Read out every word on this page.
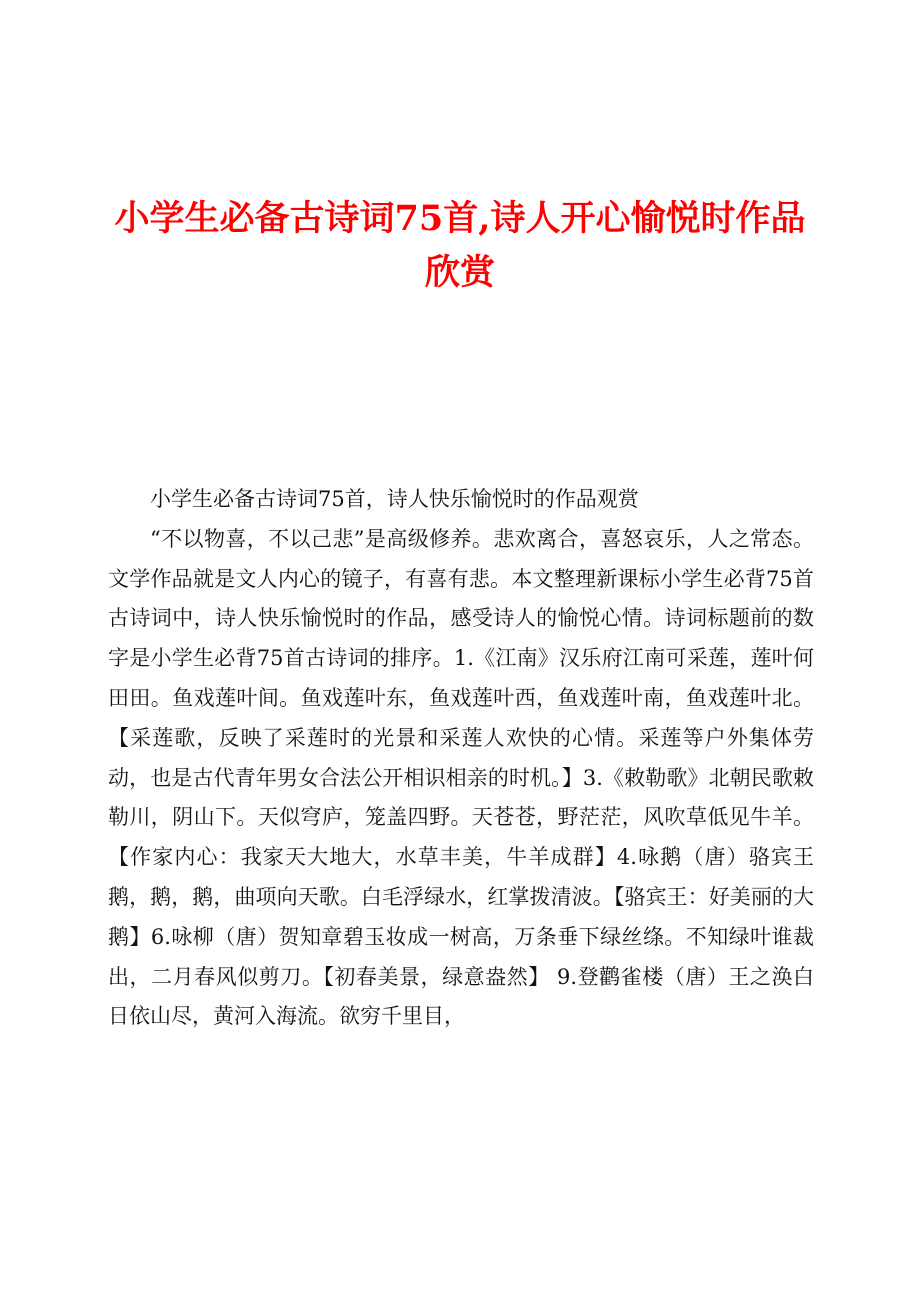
小学生必备古诗词75首,诗人开心愉悦时作品欣赏

小学生必备古诗词75首，诗人快乐愉悦时的作品观赏

“不以物喜，不以己悲”是高级修养。悲欢离合，喜怒哀乐，人之常态。文学作品就是文人内心的镜子，有喜有悲。本文整理新课标小学生必背75首古诗词中，诗人快乐愉悦时的作品，感受诗人的愉悦心情。诗词标题前的数字是小学生必背75首古诗词的排序。1.《江南》汉乐府江南可采莲，莲叶何田田。鱼戏莲叶间。鱼戏莲叶东，鱼戏莲叶西，鱼戏莲叶南，鱼戏莲叶北。【采莲歌，反映了采莲时的光景和采莲人欢快的心情。采莲等户外集体劳动，也是古代青年男女合法公开相识相亲的时机。】3.《敕勒歌》北朝民歌敕勒川，阴山下。天似穹庐，笼盖四野。天苍苍，野茫茫，风吹草低见牛羊。【作家内心：我家天大地大，水草丰美，牛羊成群】4.咏鹅（唐）骆宾王鹅，鹅，鹅，曲项向天歌。白毛浮绿水，红掌拨清波。【骆宾王：好美丽的大鹅】6.咏柳（唐）贺知章碧玉妆成一树高，万条垂下绿丝绦。不知绿叶谁裁出，二月春风似剪刀。【初春美景，绿意盎然】 9.登鹳雀楼（唐）王之涣白日依山尽，黄河入海流。欲穷千里目，
